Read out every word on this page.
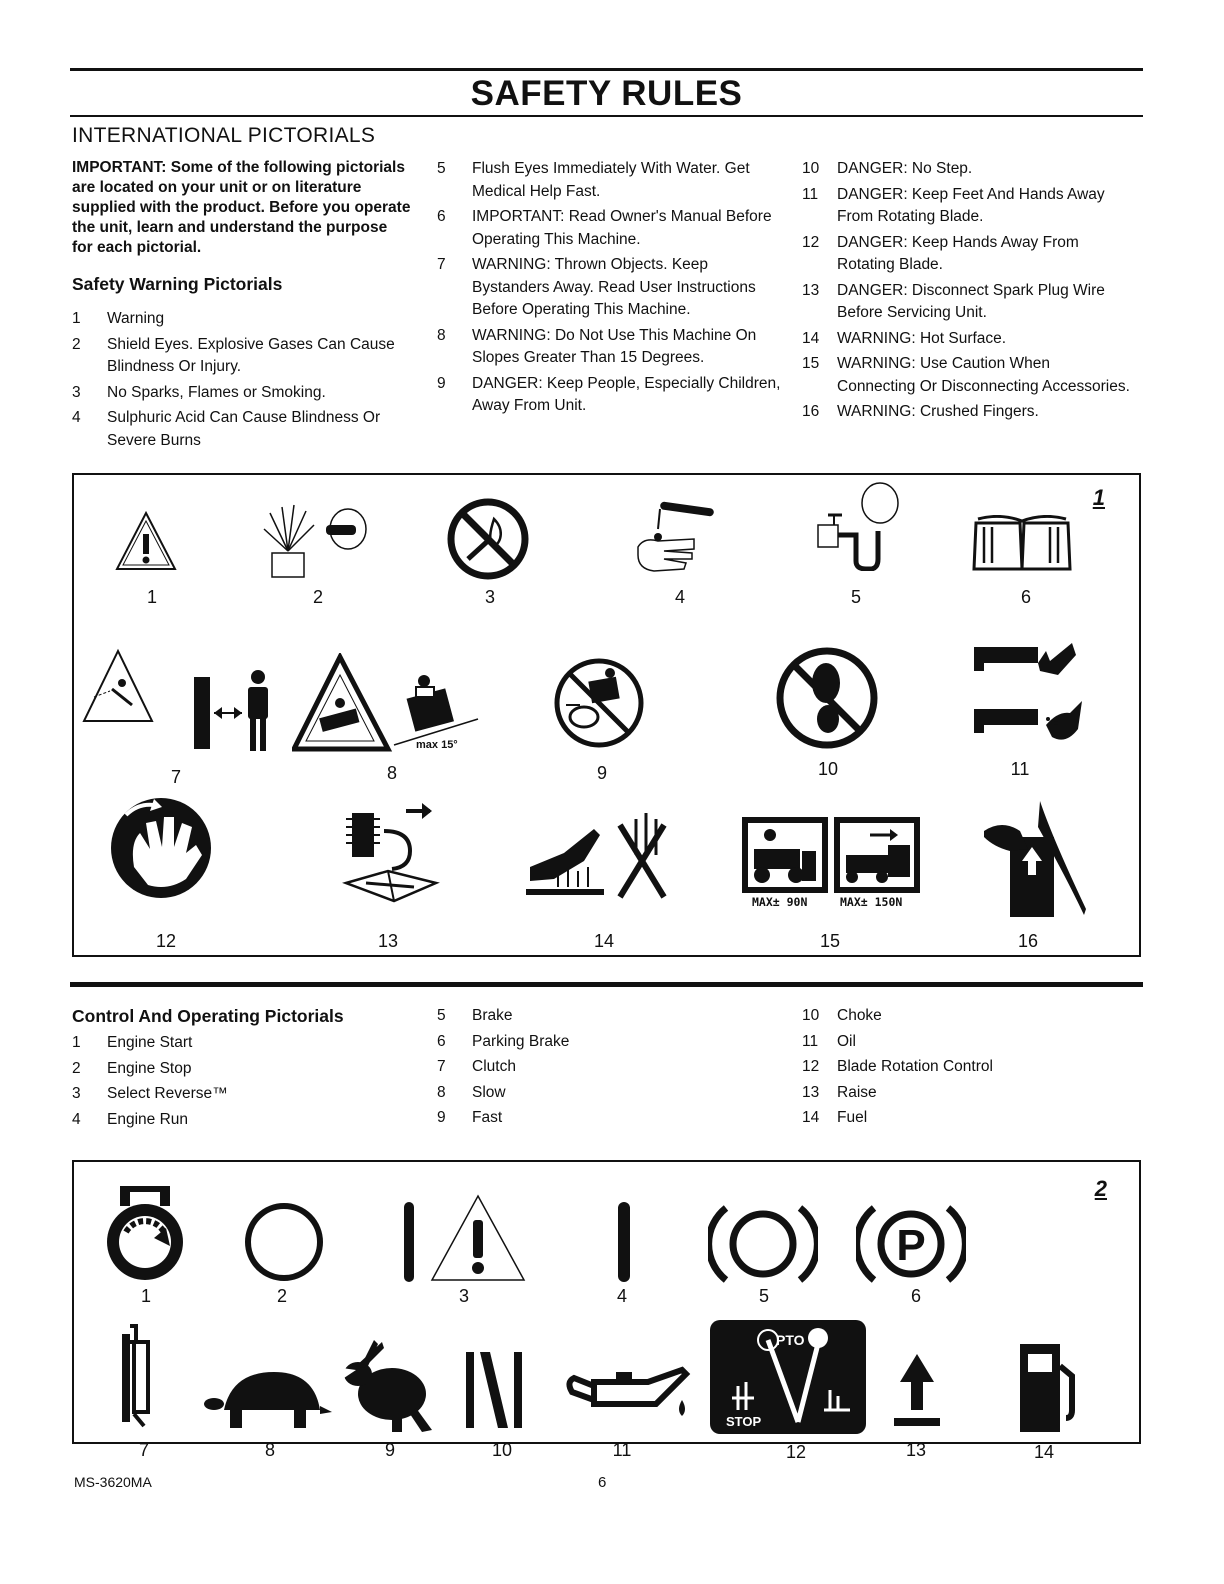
SAFETY RULES
INTERNATIONAL PICTORIALS
IMPORTANT: Some of the following pictorials are located on your unit or on literature supplied with the product. Before you operate the unit, learn and understand the purpose for each pictorial.
Safety Warning Pictorials
1	Warning
2	Shield Eyes. Explosive Gases Can Cause Blindness Or Injury.
3	No Sparks, Flames or Smoking.
4	Sulphuric Acid Can Cause Blindness Or Severe Burns
5	Flush Eyes Immediately With Water. Get Medical Help Fast.
6	IMPORTANT: Read Owner's Manual Before Operating This Machine.
7	WARNING: Thrown Objects. Keep Bystanders Away. Read User Instructions Before Operating This Machine.
8	WARNING: Do Not Use This Machine On Slopes Greater Than 15 Degrees.
9	DANGER: Keep People, Especially Children, Away From Unit.
10	DANGER: No Step.
11	DANGER: Keep Feet And Hands Away From Rotating Blade.
12	DANGER: Keep Hands Away From Rotating Blade.
13	DANGER: Disconnect Spark Plug Wire Before Servicing Unit.
14	WARNING: Hot Surface.
15	WARNING: Use Caution When Connecting Or Disconnecting Accessories.
16	WARNING: Crushed Fingers.
1
max 15°
MAX± 90N	MAX± 150N
1	2	3	4	5	6
7	8	9	10	11
12	13	14	15	16
Control And Operating Pictorials
1	Engine Start
2	Engine Stop
3	Select Reverse™
4	Engine Run
5	Brake
6	Parking Brake
7	Clutch
8	Slow
9	Fast
10	Choke
11	Oil
12	Blade Rotation Control
13	Raise
14	Fuel
2
P
PTO
STOP
1	2	3	4	5	6
7	8	9	10	11	12	13	14
MS-3620MA	6
